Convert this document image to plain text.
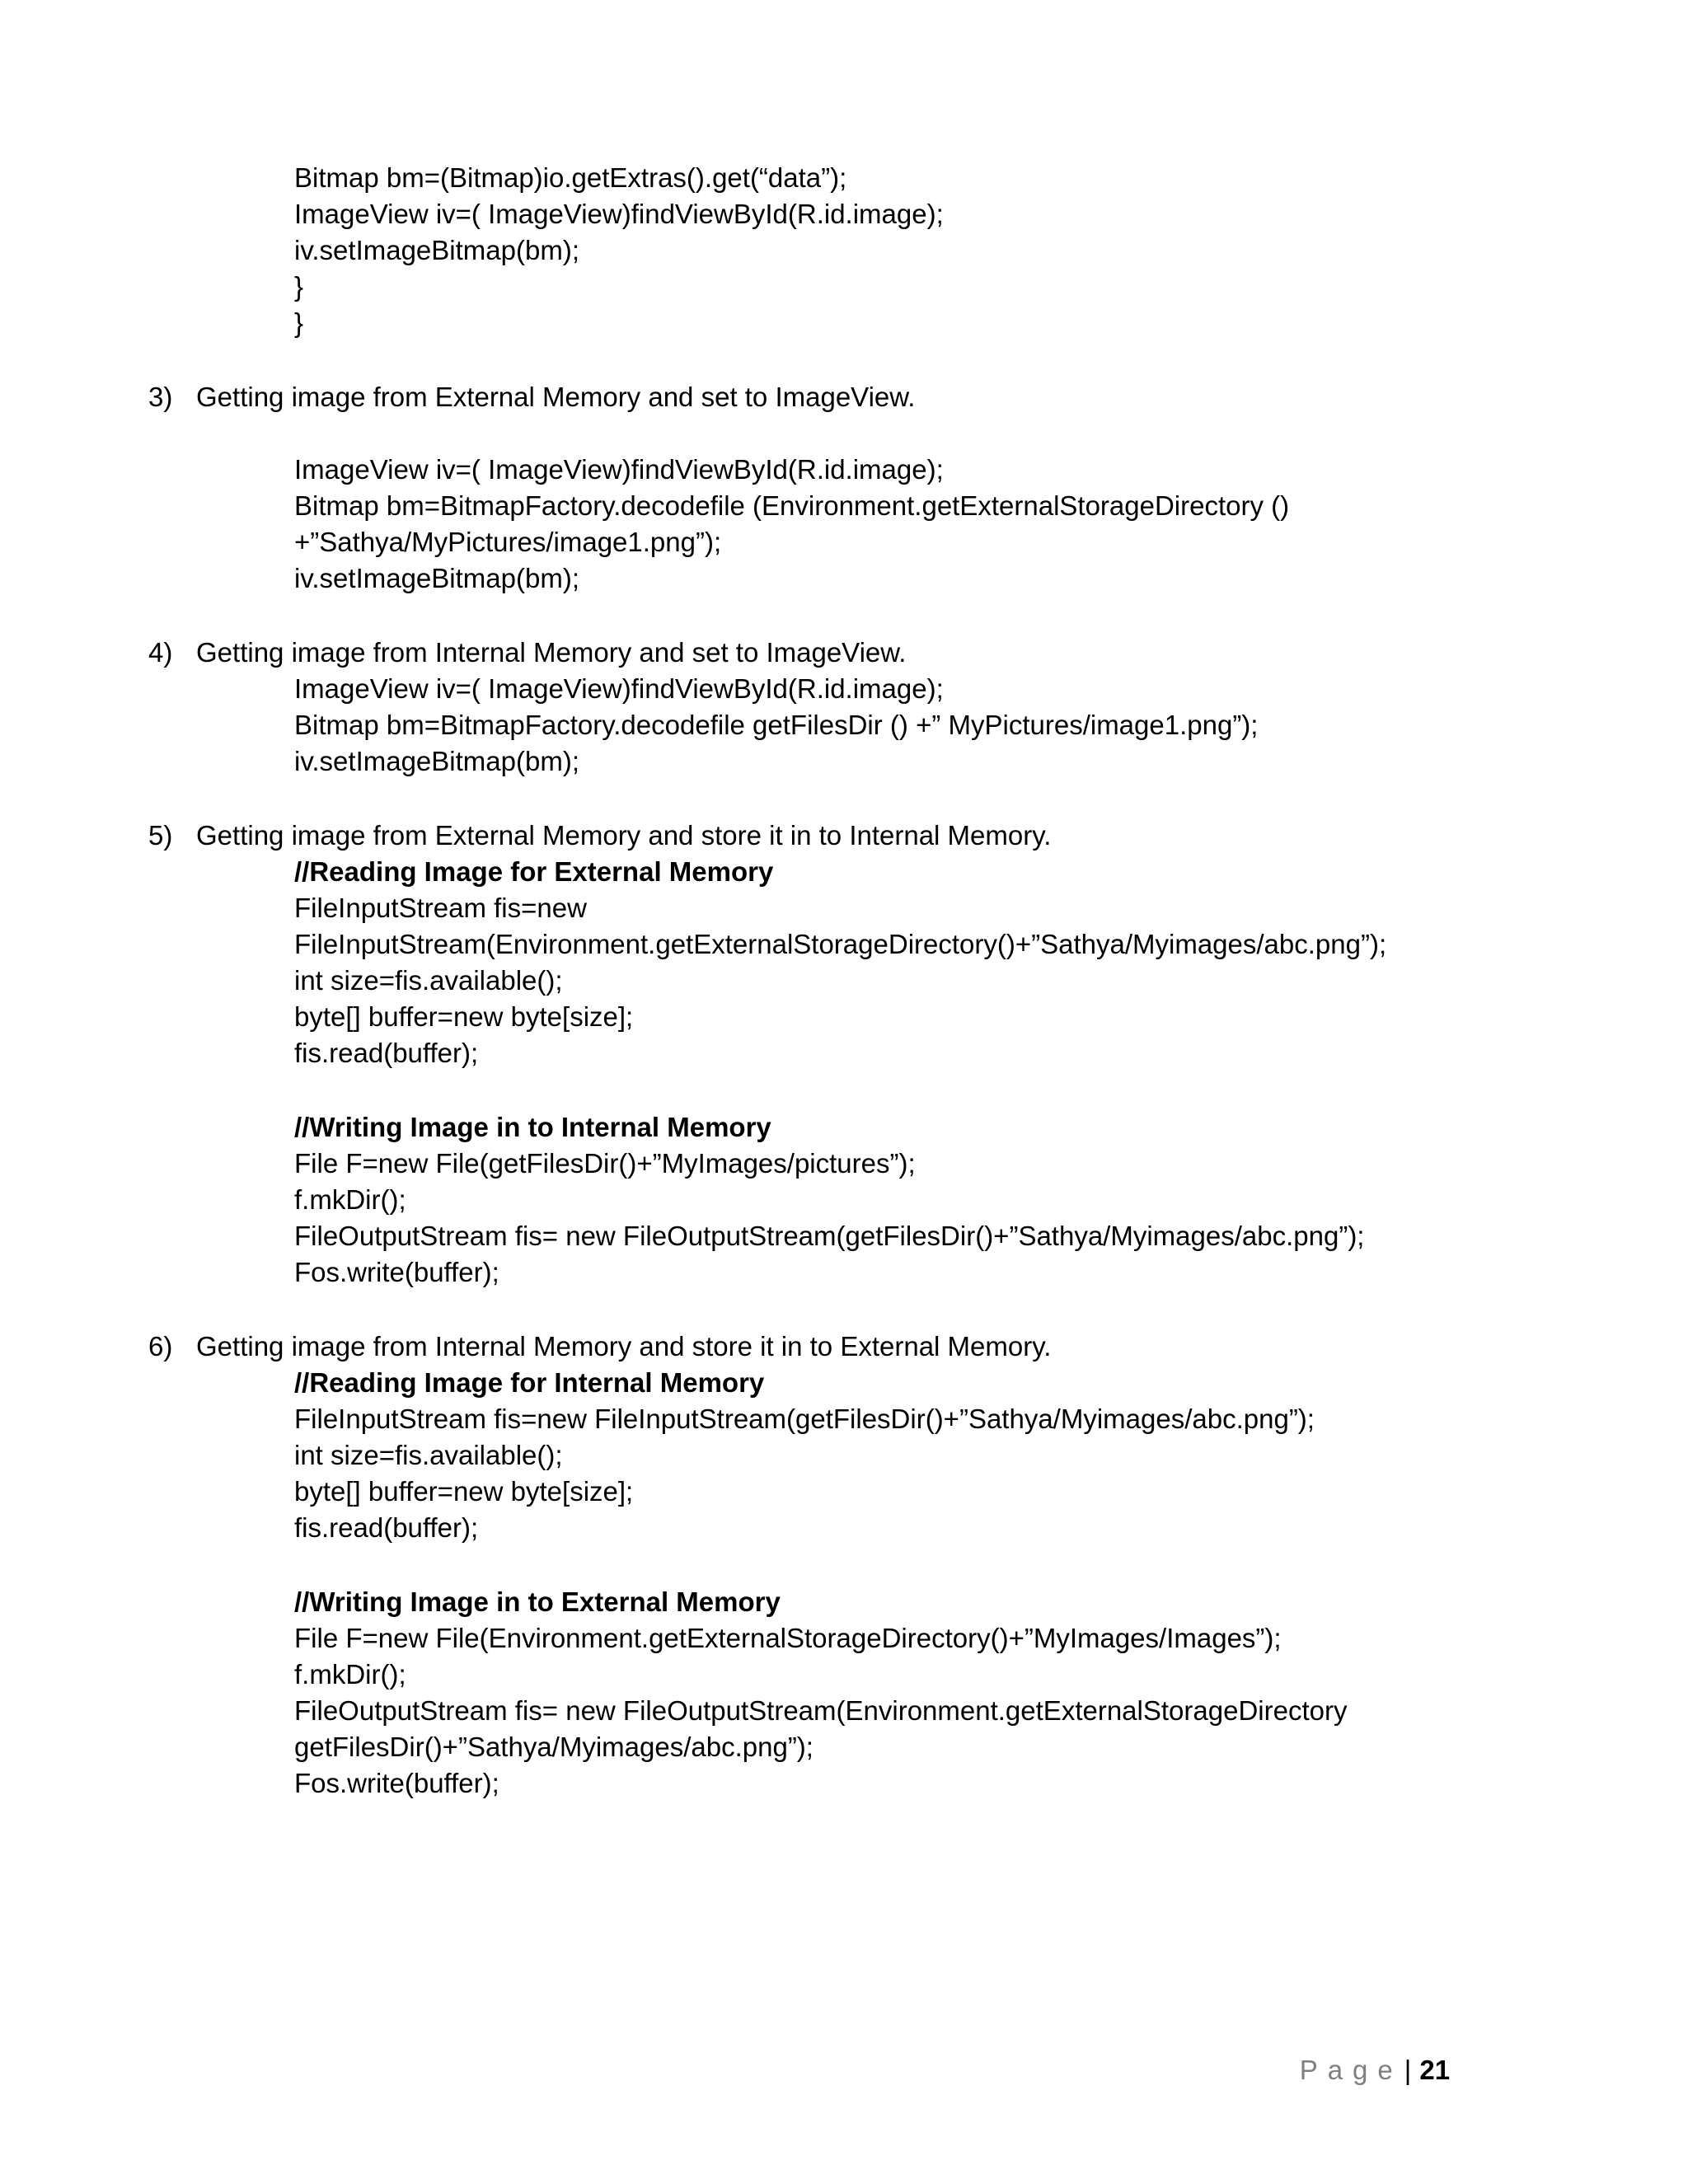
Bitmap bm=(Bitmap)io.getExtras().get(“data”);
ImageView iv=( ImageView)findViewById(R.id.image);
iv.setImageBitmap(bm);
}
}
3) Getting image from External Memory and set to ImageView.
ImageView iv=( ImageView)findViewById(R.id.image);
Bitmap bm=BitmapFactory.decodefile (Environment.getExternalStorageDirectory ()
+”Sathya/MyPictures/image1.png”);
iv.setImageBitmap(bm);
4) Getting image from Internal Memory and set to ImageView.
ImageView iv=( ImageView)findViewById(R.id.image);
Bitmap bm=BitmapFactory.decodefile getFilesDir () +” MyPictures/image1.png”);
iv.setImageBitmap(bm);
5) Getting image from External Memory and store it in to Internal Memory.
//Reading Image for External Memory
FileInputStream fis=new
FileInputStream(Environment.getExternalStorageDirectory()+”Sathya/Myimages/abc.png”);
int size=fis.available();
byte[] buffer=new byte[size];
fis.read(buffer);
//Writing Image in to Internal Memory
File F=new File(getFilesDir()+”MyImages/pictures”);
f.mkDir();
FileOutputStream fis= new FileOutputStream(getFilesDir()+”Sathya/Myimages/abc.png”);
Fos.write(buffer);
6) Getting image from Internal Memory and store it in to External Memory.
//Reading Image for Internal Memory
FileInputStream fis=new FileInputStream(getFilesDir()+”Sathya/Myimages/abc.png”);
int size=fis.available();
byte[] buffer=new byte[size];
fis.read(buffer);
//Writing Image in to External Memory
File F=new File(Environment.getExternalStorageDirectory()+”MyImages/Images”);
f.mkDir();
FileOutputStream fis= new FileOutputStream(Environment.getExternalStorageDirectory
getFilesDir()+”Sathya/Myimages/abc.png”);
Fos.write(buffer);

Page| 21
